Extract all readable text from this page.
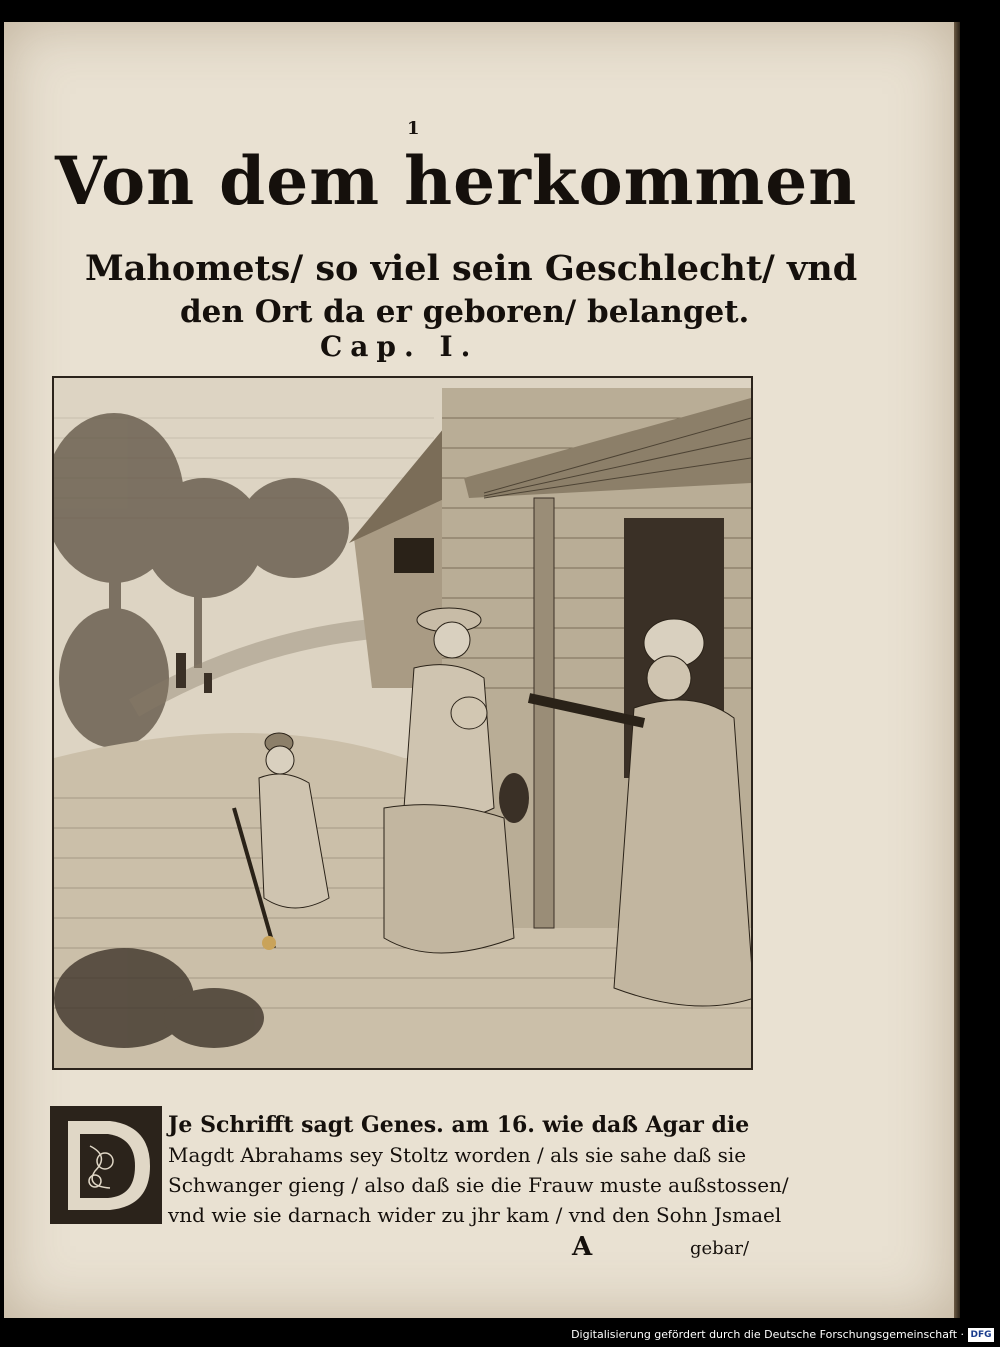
1
Von dem herkommen
Mahomets/ so viel sein Geschlecht/ vnd
den Ort da er geboren/ belanget.
Cap. I.
Je Schrifft sagt Genes. am 16. wie daß Agar die
Magdt Abrahams sey Stoltz worden / als sie sahe daß sie
Schwanger gieng / also daß sie die Frauw muste außstossen/
vnd wie sie darnach wider zu jhr kam / vnd den Sohn Jsmael
A	gebar/
Digitalisierung gefördert durch die Deutsche Forschungsgemeinschaft · DFG
